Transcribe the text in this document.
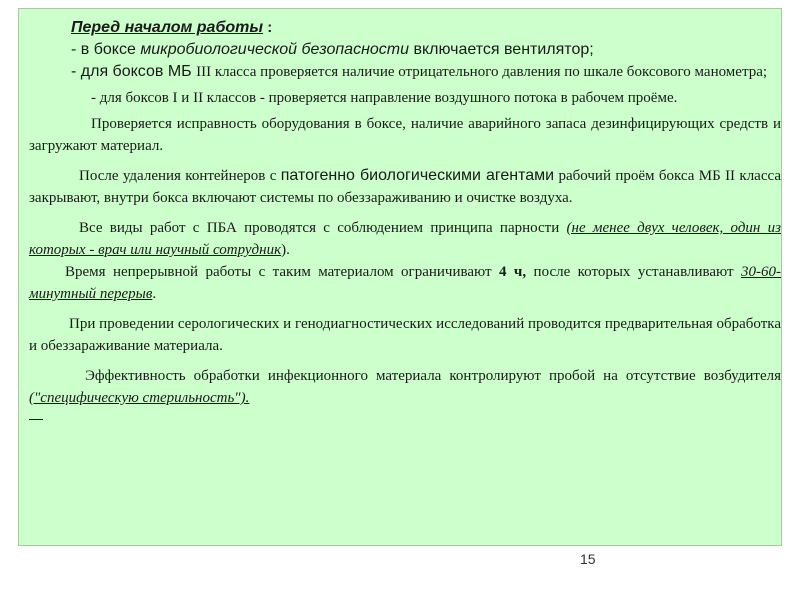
Перед началом работы :

- в боксе микробиологической безопасности включается вентилятор;

- для боксов МБ III класса проверяется наличие отрицательного давления по шкале боксового манометра;

- для боксов I и II классов - проверяется направление воздушного потока в рабочем проёме.

Проверяется исправность оборудования в боксе, наличие аварийного запаса дезинфицирующих средств и загружают материал.

После удаления контейнеров с патогенно биологическими агентами рабочий проём бокса МБ II класса закрывают, внутри бокса включают системы по обеззараживанию и очистке воздуха.

Все виды работ с ПБА проводятся с соблюдением принципа парности (не менее двух человек, один из которых - врач или научный сотрудник).

Время непрерывной работы с таким материалом ограничивают 4 ч, после которых устанавливают 30-60-минутный перерыв.

При проведении серологических и генодиагностических исследований проводится предварительная обработка и обеззараживание материала.

Эффективность обработки инфекционного материала контролируют пробой на отсутствие возбудителя ("специфическую стерильность").

15
